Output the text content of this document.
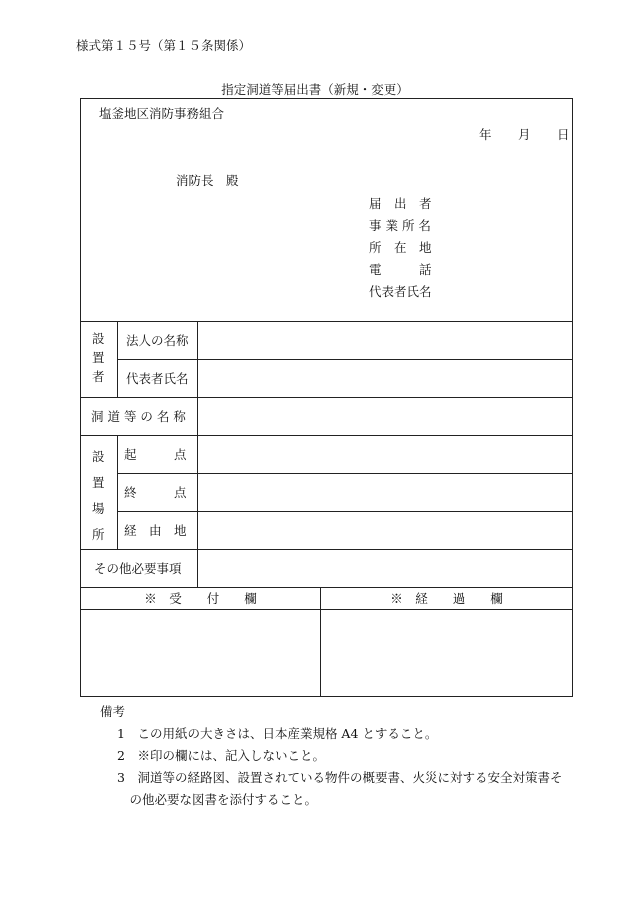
様式第１５号（第１５条関係）
指定洞道等届出書（新規・変更）
塩釜地区消防事務組合
年 月 日
消防長　殿
届　出　者
事 業 所 名
所　在　地
電　　　話
代表者氏名
設
置
者
法人の名称
代表者氏名
洞 道 等 の 名 称
設
置
場
所
起　　　点
終　　　点
経　由　地
その他必要事項
※　受　　付　　欄	※　経　　過　　欄
備考
1　この用紙の大きさは、日本産業規格 A4 とすること。
2　※印の欄には、記入しないこと。
3　洞道等の経路図、設置されている物件の概要書、火災に対する安全対策書そ
　の他必要な図書を添付すること。
